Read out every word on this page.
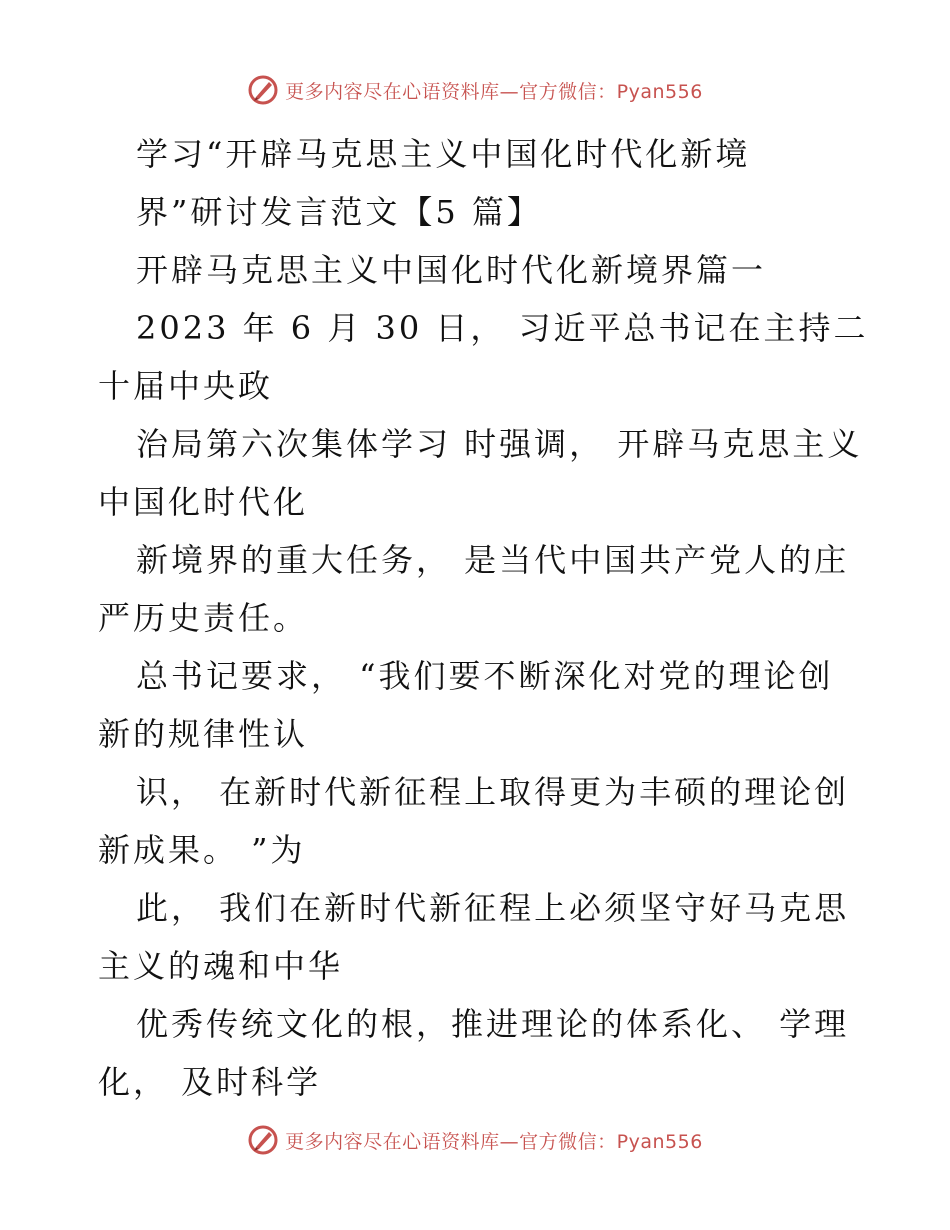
更多内容尽在心语资料库—官方微信：Pyan556
学习“开辟马克思主义中国化时代化新境
界”研讨发言范文【5 篇】
开辟马克思主义中国化时代化新境界篇一
2023 年 6 月 30 日， 习近平总书记在主持二
十届中央政
治局第六次集体学习 时强调， 开辟马克思主义
中国化时代化
新境界的重大任务， 是当代中国共产党人的庄
严历史责任。
总书记要求， “我们要不断深化对党的理论创
新的规律性认
识， 在新时代新征程上取得更为丰硕的理论创
新成果。 ”为
此， 我们在新时代新征程上必须坚守好马克思
主义的魂和中华
优秀传统文化的根，推进理论的体系化、 学理
化， 及时科学
更多内容尽在心语资料库—官方微信：Pyan556
